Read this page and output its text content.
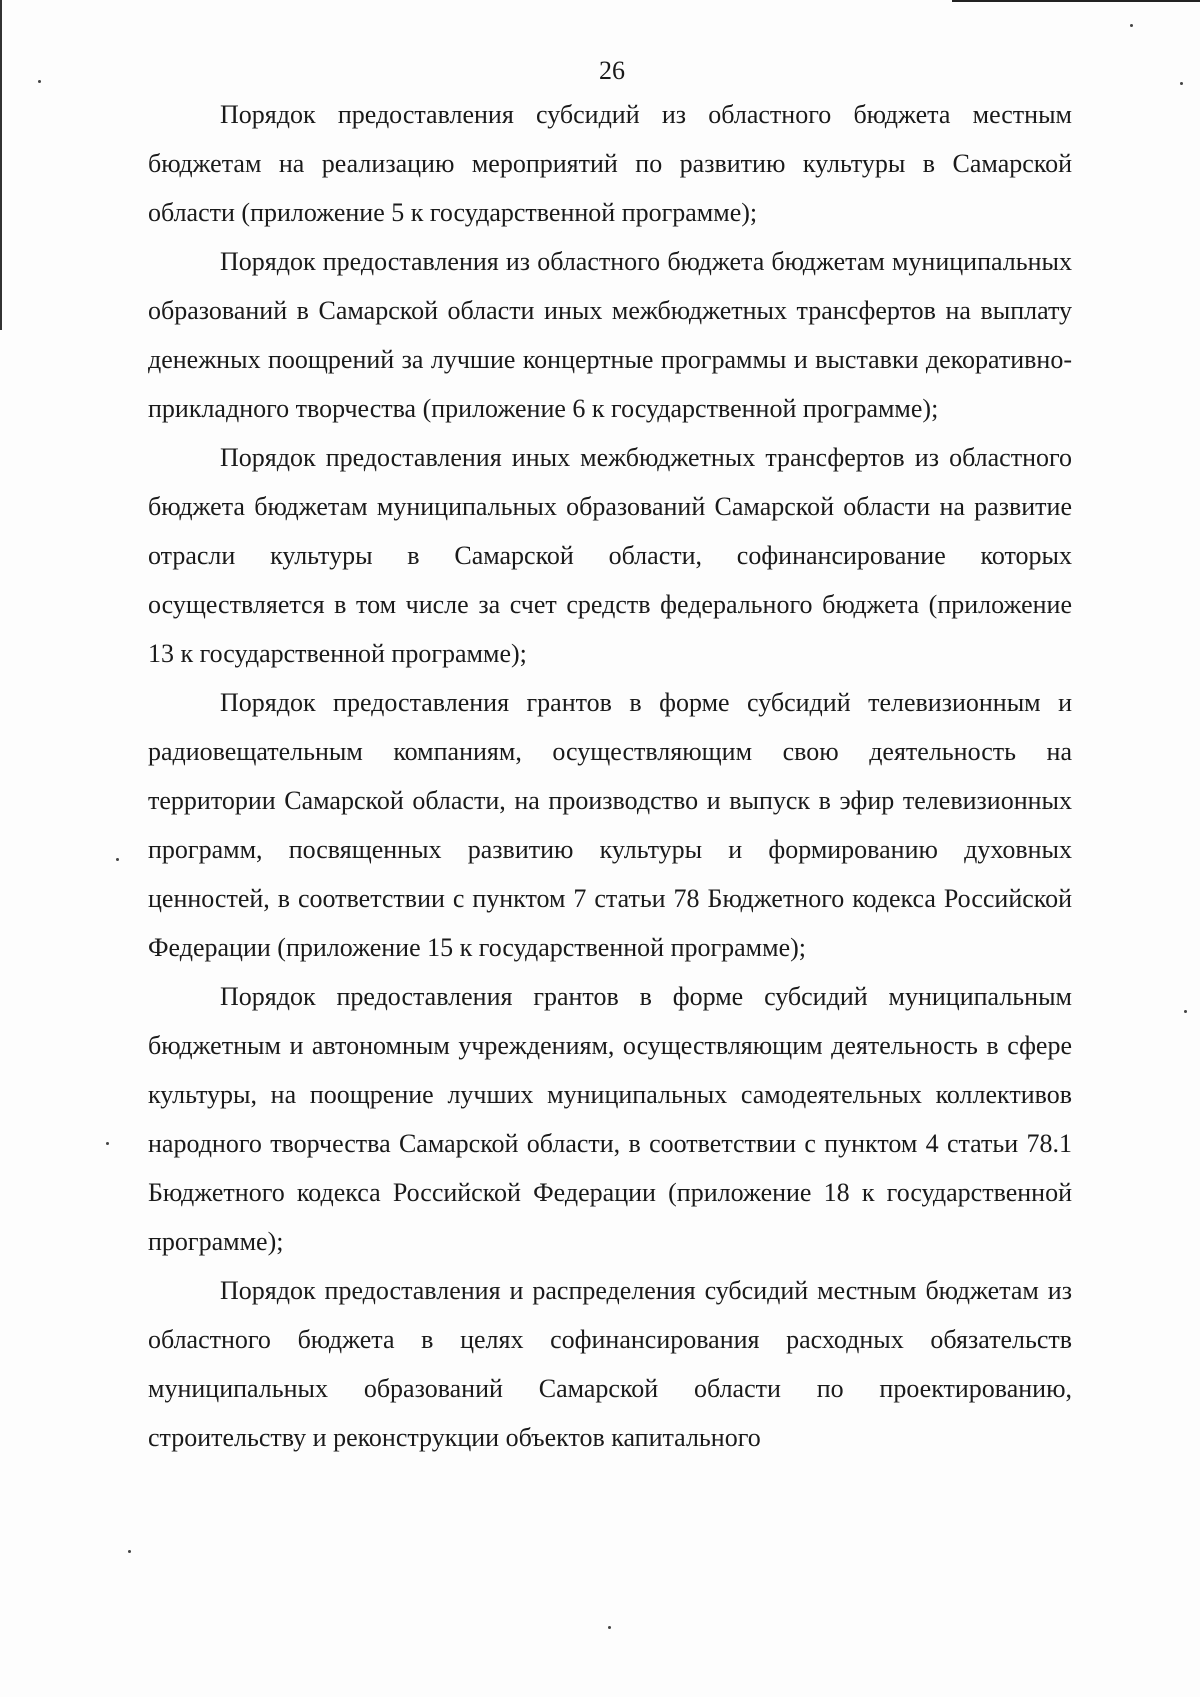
26

Порядок предоставления субсидий из областного бюджета местным бюджетам на реализацию мероприятий по развитию культуры в Самарской области (приложение 5 к государственной программе);

Порядок предоставления из областного бюджета бюджетам муниципальных образований в Самарской области иных межбюджетных трансфертов на выплату денежных поощрений за лучшие концертные программы и выставки декоративно-прикладного творчества (приложение 6 к государственной программе);

Порядок предоставления иных межбюджетных трансфертов из областного бюджета бюджетам муниципальных образований Самарской области на развитие отрасли культуры в Самарской области, софинансирование которых осуществляется в том числе за счет средств федерального бюджета (приложение 13 к государственной программе);

Порядок предоставления грантов в форме субсидий телевизионным и радиовещательным компаниям, осуществляющим свою деятельность на территории Самарской области, на производство и выпуск в эфир телевизионных программ, посвященных развитию культуры и формированию духовных ценностей, в соответствии с пунктом 7 статьи 78 Бюджетного кодекса Российской Федерации (приложение 15 к государственной программе);

Порядок предоставления грантов в форме субсидий муниципальным бюджетным и автономным учреждениям, осуществляющим деятельность в сфере культуры, на поощрение лучших муниципальных самодеятельных коллективов народного творчества Самарской области, в соответствии с пунктом 4 статьи 78.1 Бюджетного кодекса Российской Федерации (приложение 18 к государственной программе);

Порядок предоставления и распределения субсидий местным бюджетам из областного бюджета в целях софинансирования расходных обязательств муниципальных образований Самарской области по проектированию, строительству и реконструкции объектов капитального
